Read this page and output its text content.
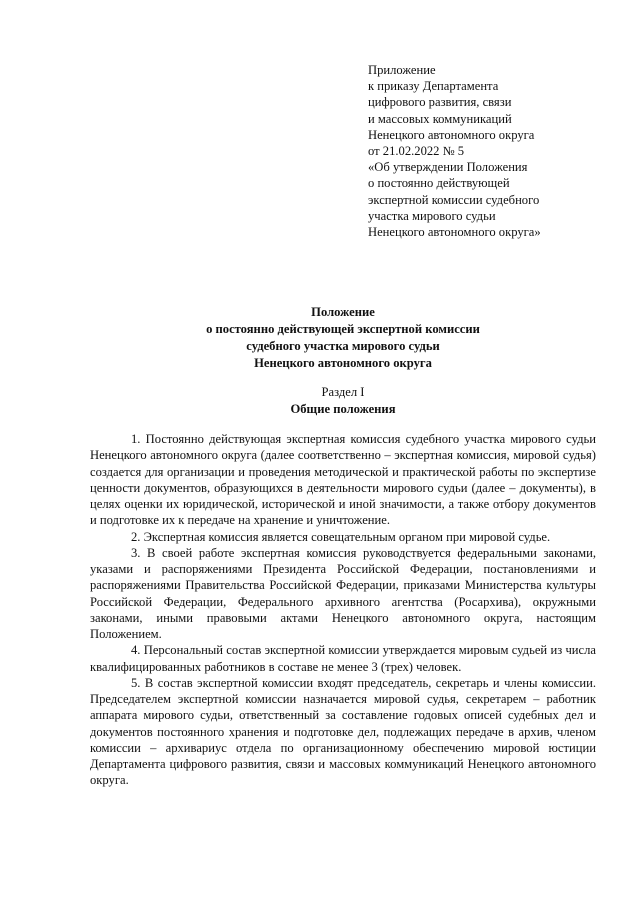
Приложение
к приказу Департамента
цифрового развития, связи
и массовых коммуникаций
Ненецкого автономного округа
от 21.02.2022 № 5
«Об утверждении Положения
о постоянно действующей
экспертной комиссии судебного
участка мирового судьи
Ненецкого автономного округа»
Положение
о постоянно действующей экспертной комиссии
судебного участка мирового судьи
Ненецкого автономного округа
Раздел I
Общие положения

1. Постоянно действующая экспертная комиссия судебного участка мирового судьи Ненецкого автономного округа (далее соответственно – экспертная комиссия, мировой судья) создается для организации и проведения методической и практической работы по экспертизе ценности документов, образующихся в деятельности мирового судьи (далее – документы), в целях оценки их юридической, исторической и иной значимости, а также отбору документов и подготовке их к передаче на хранение и уничтожение.

2. Экспертная комиссия является совещательным органом при мировой судье.

3. В своей работе экспертная комиссия руководствуется федеральными законами, указами и распоряжениями Президента Российской Федерации, постановлениями и распоряжениями Правительства Российской Федерации, приказами Министерства культуры Российской Федерации, Федерального архивного агентства (Росархива), окружными законами, иными правовыми актами Ненецкого автономного округа, настоящим Положением.

4. Персональный состав экспертной комиссии утверждается мировым судьей из числа квалифицированных работников в составе не менее 3 (трех) человек.

5. В состав экспертной комиссии входят председатель, секретарь и члены комиссии. Председателем экспертной комиссии назначается мировой судья, секретарем – работник аппарата мирового судьи, ответственный за составление годовых описей судебных дел и документов постоянного хранения и подготовке дел, подлежащих передаче в архив, членом комиссии – архивариус отдела по организационному обеспечению мировой юстиции Департамента цифрового развития, связи и массовых коммуникаций Ненецкого автономного округа.
